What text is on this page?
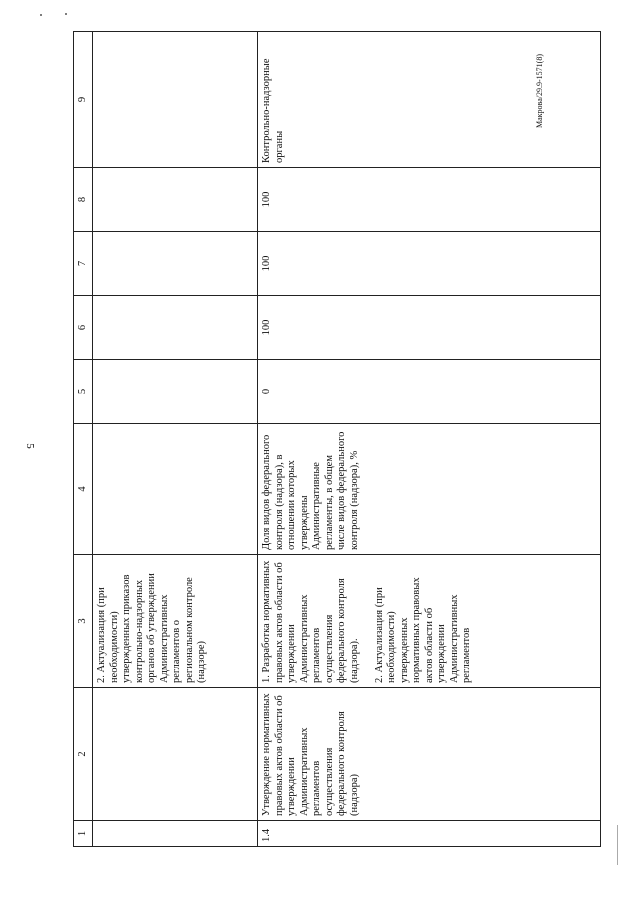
5
Макрова/29.9-1571(8)
1	2	3	4	5	6	7	8	9
		2. Актуализация (при необходимости) утвержденных приказов контрольно-надзорных органов об утверждении Административных регламентов о региональном контроле (надзоре)						
1.4	Утверждение нормативных правовых актов области об утверждении Административных регламентов осуществления федерального контроля (надзора)	1. Разработка нормативных правовых актов области об утверждении Административных регламентов осуществления федерального контроля (надзора).

2. Актуализация (при необходимости) утвержденных нормативных правовых актов области об утверждении Административных регламентов	Доля видов федерального контроля (надзора), в отношении которых утверждены Административные регламенты, в общем числе видов федерального контроля (надзора), %	0	100	100	100	Контрольно-надзорные органы
